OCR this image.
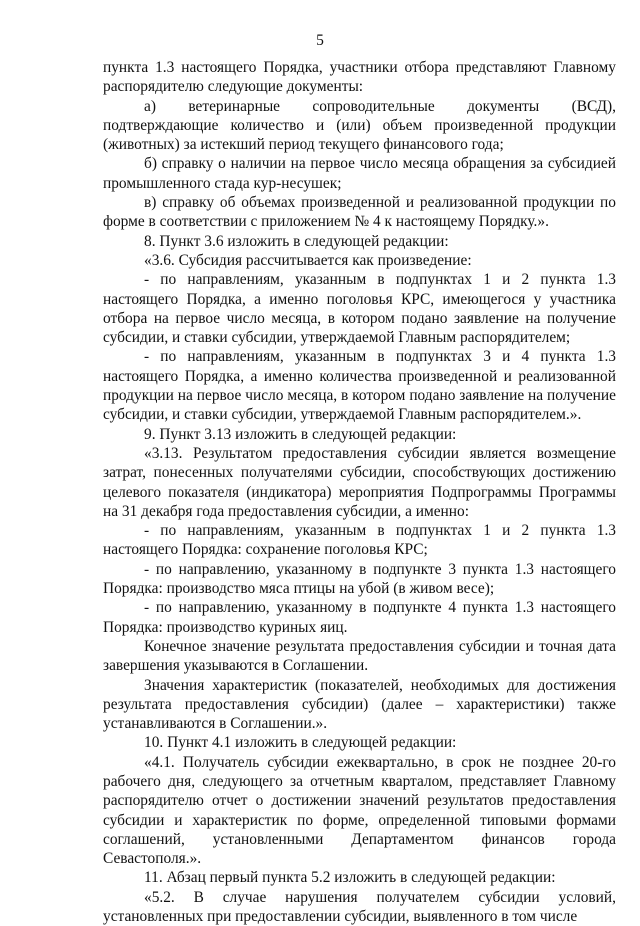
5

пункта 1.3 настоящего Порядка, участники отбора представляют Главному распорядителю следующие документы:

а) ветеринарные сопроводительные документы (ВСД), подтверждающие количество и (или) объем произведенной продукции (животных) за истекший период текущего финансового года;

б) справку о наличии на первое число месяца обращения за субсидией промышленного стада кур-несушек;

в) справку об объемах произведенной и реализованной продукции по форме в соответствии с приложением № 4 к настоящему Порядку.».

8. Пункт 3.6 изложить в следующей редакции:

«3.6. Субсидия рассчитывается как произведение:

- по направлениям, указанным в подпунктах 1 и 2 пункта 1.3 настоящего Порядка, а именно поголовья КРС, имеющегося у участника отбора на первое число месяца, в котором подано заявление на получение субсидии, и ставки субсидии, утверждаемой Главным распорядителем;

- по направлениям, указанным в подпунктах 3 и 4 пункта 1.3 настоящего Порядка, а именно количества произведенной и реализованной продукции на первое число месяца, в котором подано заявление на получение субсидии, и ставки субсидии, утверждаемой Главным распорядителем.».

9. Пункт 3.13 изложить в следующей редакции:

«3.13. Результатом предоставления субсидии является возмещение затрат, понесенных получателями субсидии, способствующих достижению целевого показателя (индикатора) мероприятия Подпрограммы Программы на 31 декабря года предоставления субсидии, а именно:

- по направлениям, указанным в подпунктах 1 и 2 пункта 1.3 настоящего Порядка: сохранение поголовья КРС;

- по направлению, указанному в подпункте 3 пункта 1.3 настоящего Порядка: производство мяса птицы на убой (в живом весе);

- по направлению, указанному в подпункте 4 пункта 1.3 настоящего Порядка: производство куриных яиц.

Конечное значение результата предоставления субсидии и точная дата завершения указываются в Соглашении.

Значения характеристик (показателей, необходимых для достижения результата предоставления субсидии) (далее – характеристики) также устанавливаются в Соглашении.».

10. Пункт 4.1 изложить в следующей редакции:

«4.1. Получатель субсидии ежеквартально, в срок не позднее 20-го рабочего дня, следующего за отчетным кварталом, представляет Главному распорядителю отчет о достижении значений результатов предоставления субсидии и характеристик по форме, определенной типовыми формами соглашений, установленными Департаментом финансов города Севастополя.».

11. Абзац первый пункта 5.2 изложить в следующей редакции:

«5.2. В случае нарушения получателем субсидии условий, установленных при предоставлении субсидии, выявленного в том числе
